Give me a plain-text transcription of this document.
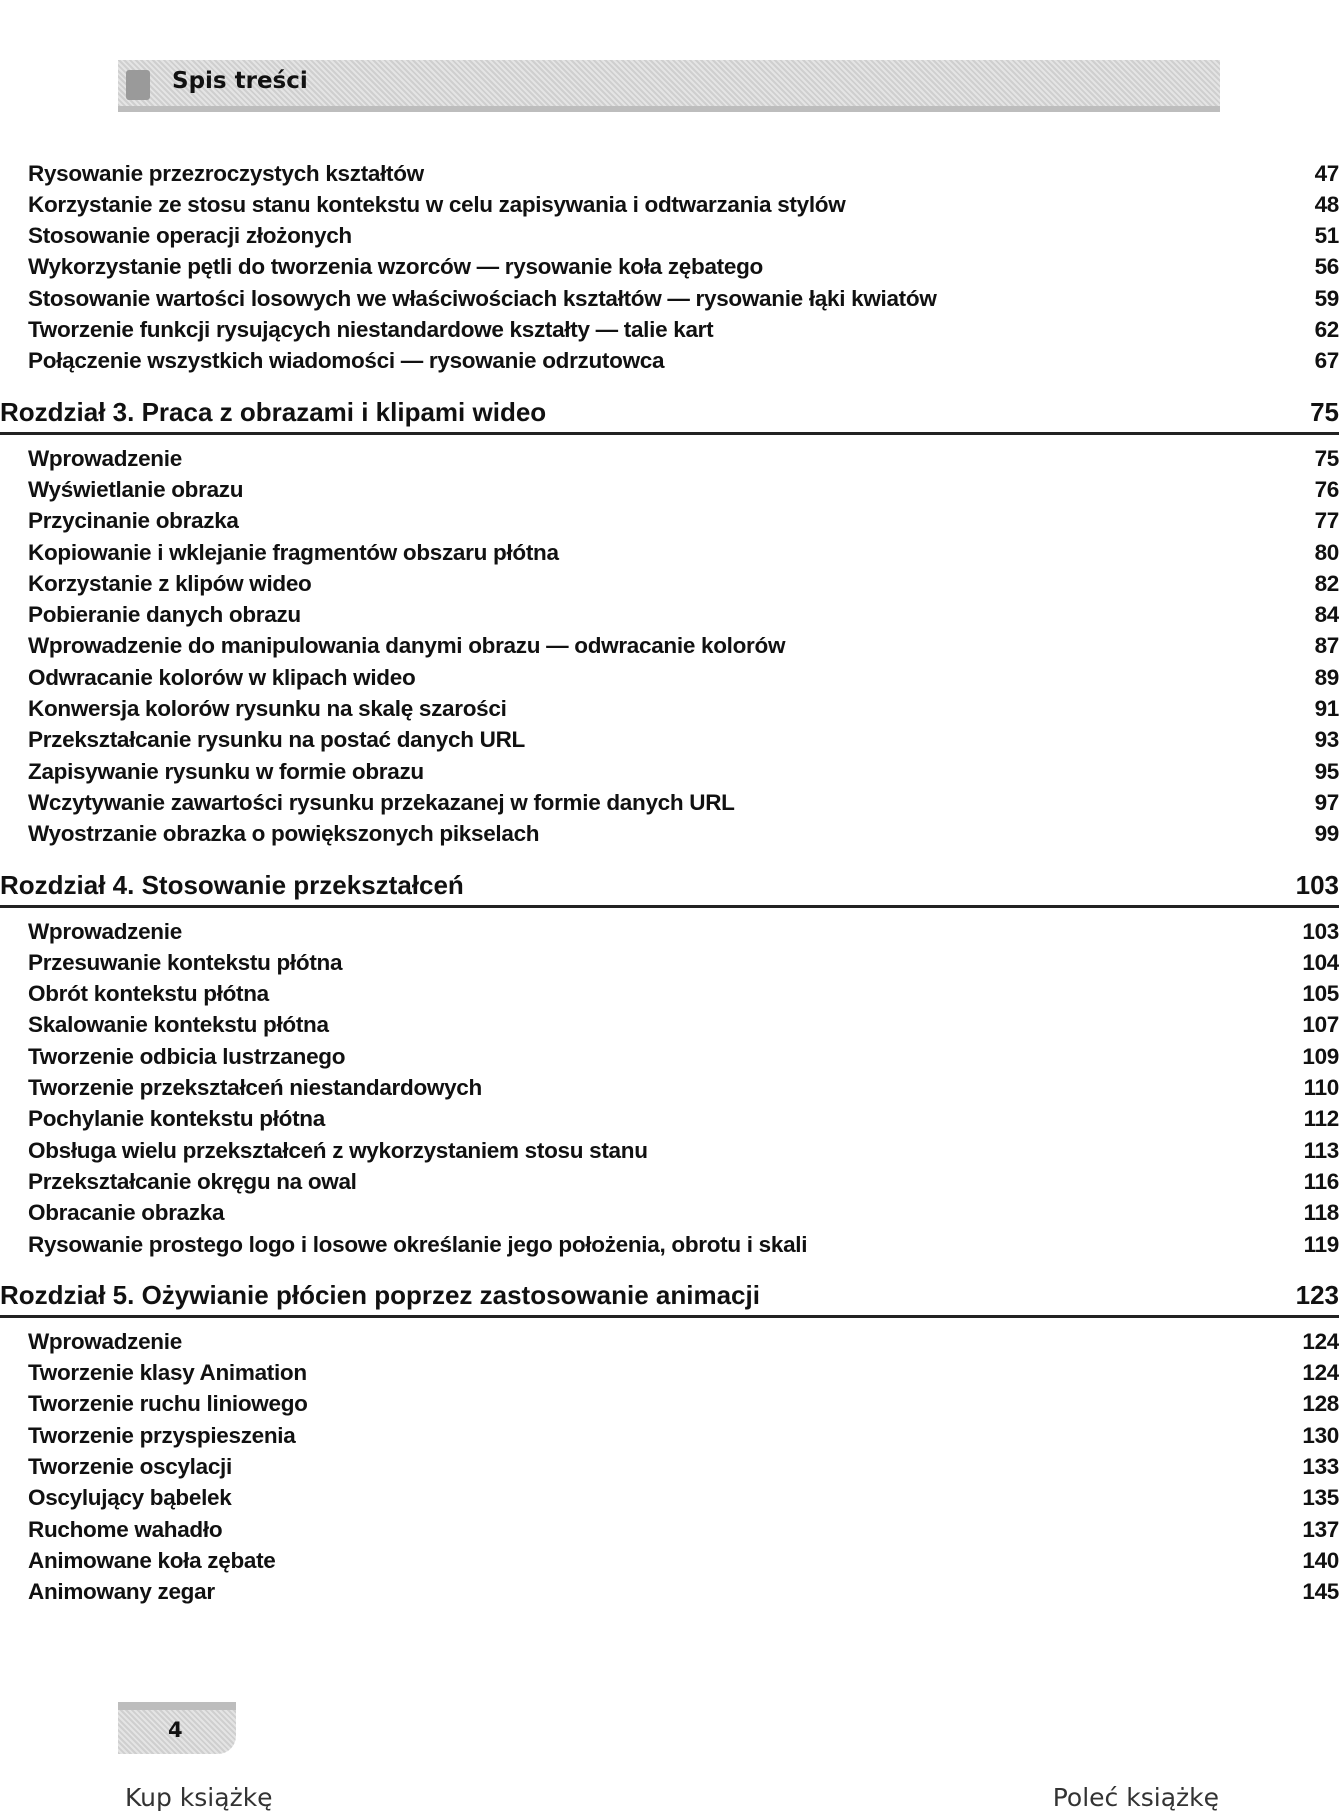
Spis treści
Rysowanie przezroczystych kształtów	47
Korzystanie ze stosu stanu kontekstu w celu zapisywania i odtwarzania stylów	48
Stosowanie operacji złożonych	51
Wykorzystanie pętli do tworzenia wzorców — rysowanie koła zębatego	56
Stosowanie wartości losowych we właściwościach kształtów — rysowanie łąki kwiatów	59
Tworzenie funkcji rysujących niestandardowe kształty — talie kart	62
Połączenie wszystkich wiadomości — rysowanie odrzutowca	67
Rozdział 3. Praca z obrazami i klipami wideo	75
Wprowadzenie	75
Wyświetlanie obrazu	76
Przycinanie obrazka	77
Kopiowanie i wklejanie fragmentów obszaru płótna	80
Korzystanie z klipów wideo	82
Pobieranie danych obrazu	84
Wprowadzenie do manipulowania danymi obrazu — odwracanie kolorów	87
Odwracanie kolorów w klipach wideo	89
Konwersja kolorów rysunku na skalę szarości	91
Przekształcanie rysunku na postać danych URL	93
Zapisywanie rysunku w formie obrazu	95
Wczytywanie zawartości rysunku przekazanej w formie danych URL	97
Wyostrzanie obrazka o powiększonych pikselach	99
Rozdział 4. Stosowanie przekształceń	103
Wprowadzenie	103
Przesuwanie kontekstu płótna	104
Obrót kontekstu płótna	105
Skalowanie kontekstu płótna	107
Tworzenie odbicia lustrzanego	109
Tworzenie przekształceń niestandardowych	110
Pochylanie kontekstu płótna	112
Obsługa wielu przekształceń z wykorzystaniem stosu stanu	113
Przekształcanie okręgu na owal	116
Obracanie obrazka	118
Rysowanie prostego logo i losowe określanie jego położenia, obrotu i skali	119
Rozdział 5. Ożywianie płócien poprzez zastosowanie animacji	123
Wprowadzenie	124
Tworzenie klasy Animation	124
Tworzenie ruchu liniowego	128
Tworzenie przyspieszenia	130
Tworzenie oscylacji	133
Oscylujący bąbelek	135
Ruchome wahadło	137
Animowane koła zębate	140
Animowany zegar	145
4
Kup książkę	Poleć książkę
